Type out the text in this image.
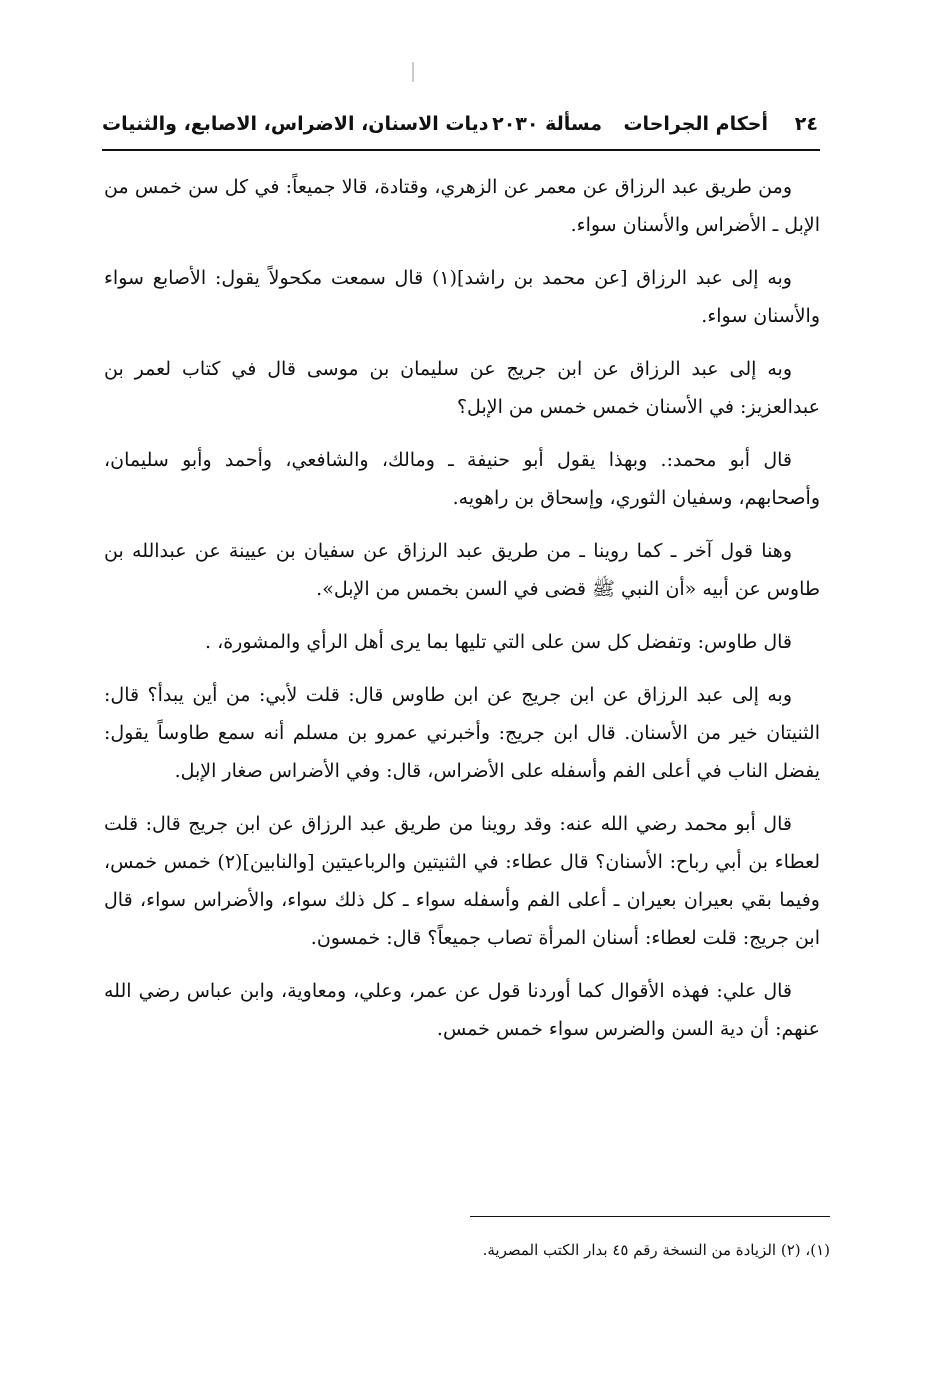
٢٤
أحكام الجراحات
مسألة ٢٠٣٠
ديات الاسنان، الاضراس، الاصابع، والثنيات

ومن طريق عبد الرزاق عن معمر عن الزهري، وقتادة، قالا جميعاً: في كل سن خمس من الإبل ـ الأضراس والأسنان سواء.

وبه إلى عبد الرزاق [عن محمد بن راشد](١) قال سمعت مكحولاً يقول: الأصابع سواء والأسنان سواء.

وبه إلى عبد الرزاق عن ابن جريج عن سليمان بن موسى قال في كتاب لعمر بن عبدالعزيز: في الأسنان خمس خمس من الإبل؟

قال أبو محمد:. وبهذا يقول أبو حنيفة ـ ومالك، والشافعي، وأحمد وأبو سليمان، وأصحابهم، وسفيان الثوري، وإسحاق بن راهويه.

وهنا قول آخر ـ كما روينا ـ من طريق عبد الرزاق عن سفيان بن عيينة عن عبدالله بن طاوس عن أبيه «أن النبي ﷺ قضى في السن بخمس من الإبل».

قال طاوس: وتفضل كل سن على التي تليها بما يرى أهل الرأي والمشورة، .

وبه إلى عبد الرزاق عن ابن جريج عن ابن طاوس قال: قلت لأبي: من أين يبدأ؟ قال: الثنيتان خير من الأسنان. قال ابن جريج: وأخبرني عمرو بن مسلم أنه سمع طاوساً يقول: يفضل الناب في أعلى الفم وأسفله على الأضراس، قال: وفي الأضراس صغار الإبل.

قال أبو محمد رضي الله عنه: وقد روينا من طريق عبد الرزاق عن ابن جريج قال: قلت لعطاء بن أبي رباح: الأسنان؟ قال عطاء: في الثنيتين والرباعيتين [والنابين](٢) خمس خمس، وفيما بقي بعيران بعيران ـ أعلى الفم وأسفله سواء ـ كل ذلك سواء، والأضراس سواء، قال ابن جريج: قلت لعطاء: أسنان المرأة تصاب جميعاً؟ قال: خمسون.

قال علي: فهذه الأقوال كما أوردنا قول عن عمر، وعلي، ومعاوية، وابن عباس رضي الله عنهم: أن دية السن والضرس سواء خمس خمس.

(١)، (٢) الزيادة من النسخة رقم ٤٥ بدار الكتب المصرية.
